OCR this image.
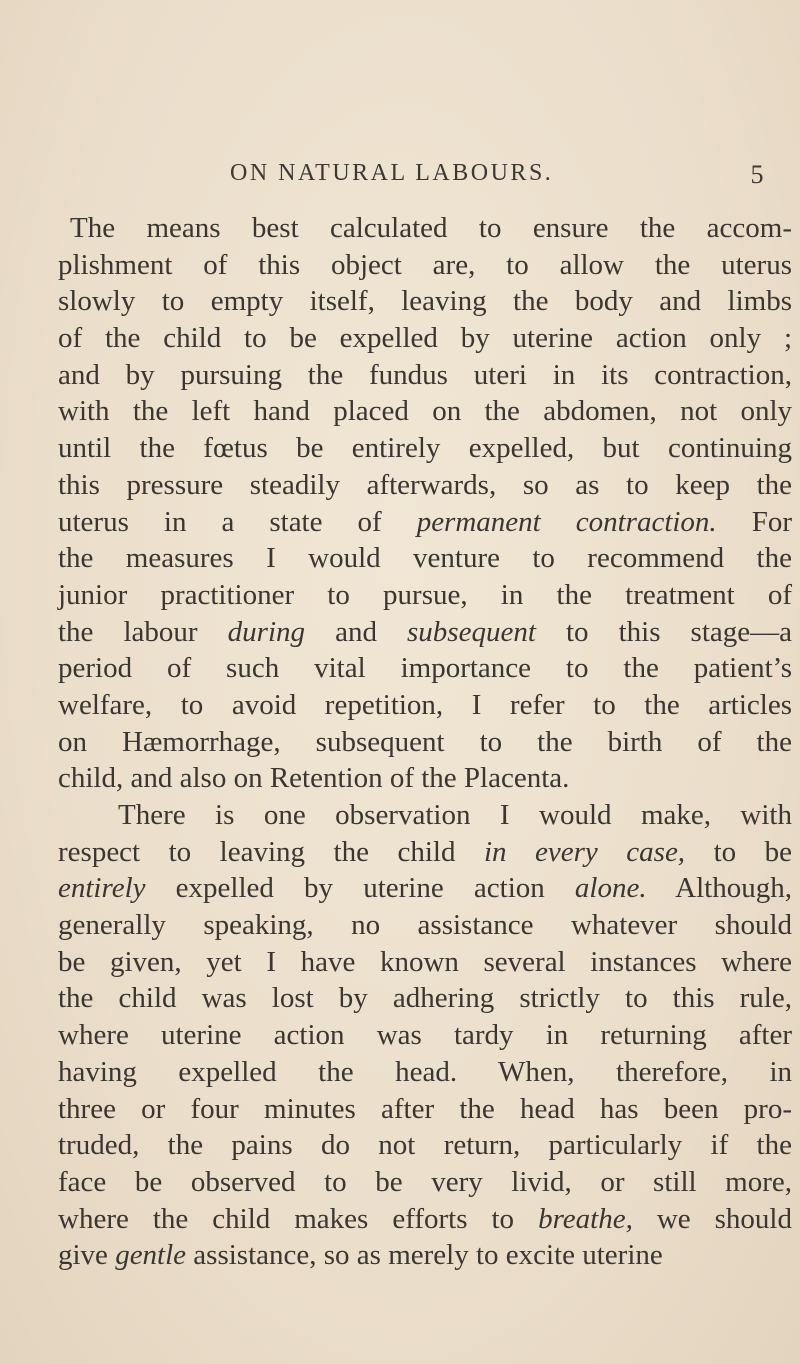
ON NATURAL LABOURS.	5
The means best calculated to ensure the accom-
plishment of this object are, to allow the uterus
slowly to empty itself, leaving the body and limbs
of the child to be expelled by uterine action only ;
and by pursuing the fundus uteri in its contraction,
with the left hand placed on the abdomen, not only
until the fœtus be entirely expelled, but continuing
this pressure steadily afterwards, so as to keep the
uterus in a state of permanent contraction. For
the measures I would venture to recommend the
junior practitioner to pursue, in the treatment of
the labour during and subsequent to this stage—a
period of such vital importance to the patient’s
welfare, to avoid repetition, I refer to the articles
on Hæmorrhage, subsequent to the birth of the
child, and also on Retention of the Placenta.
There is one observation I would make, with
respect to leaving the child in every case, to be
entirely expelled by uterine action alone. Although,
generally speaking, no assistance whatever should
be given, yet I have known several instances where
the child was lost by adhering strictly to this rule,
where uterine action was tardy in returning after
having expelled the head. When, therefore, in
three or four minutes after the head has been pro-
truded, the pains do not return, particularly if the
face be observed to be very livid, or still more,
where the child makes efforts to breathe, we should
give gentle assistance, so as merely to excite uterine
